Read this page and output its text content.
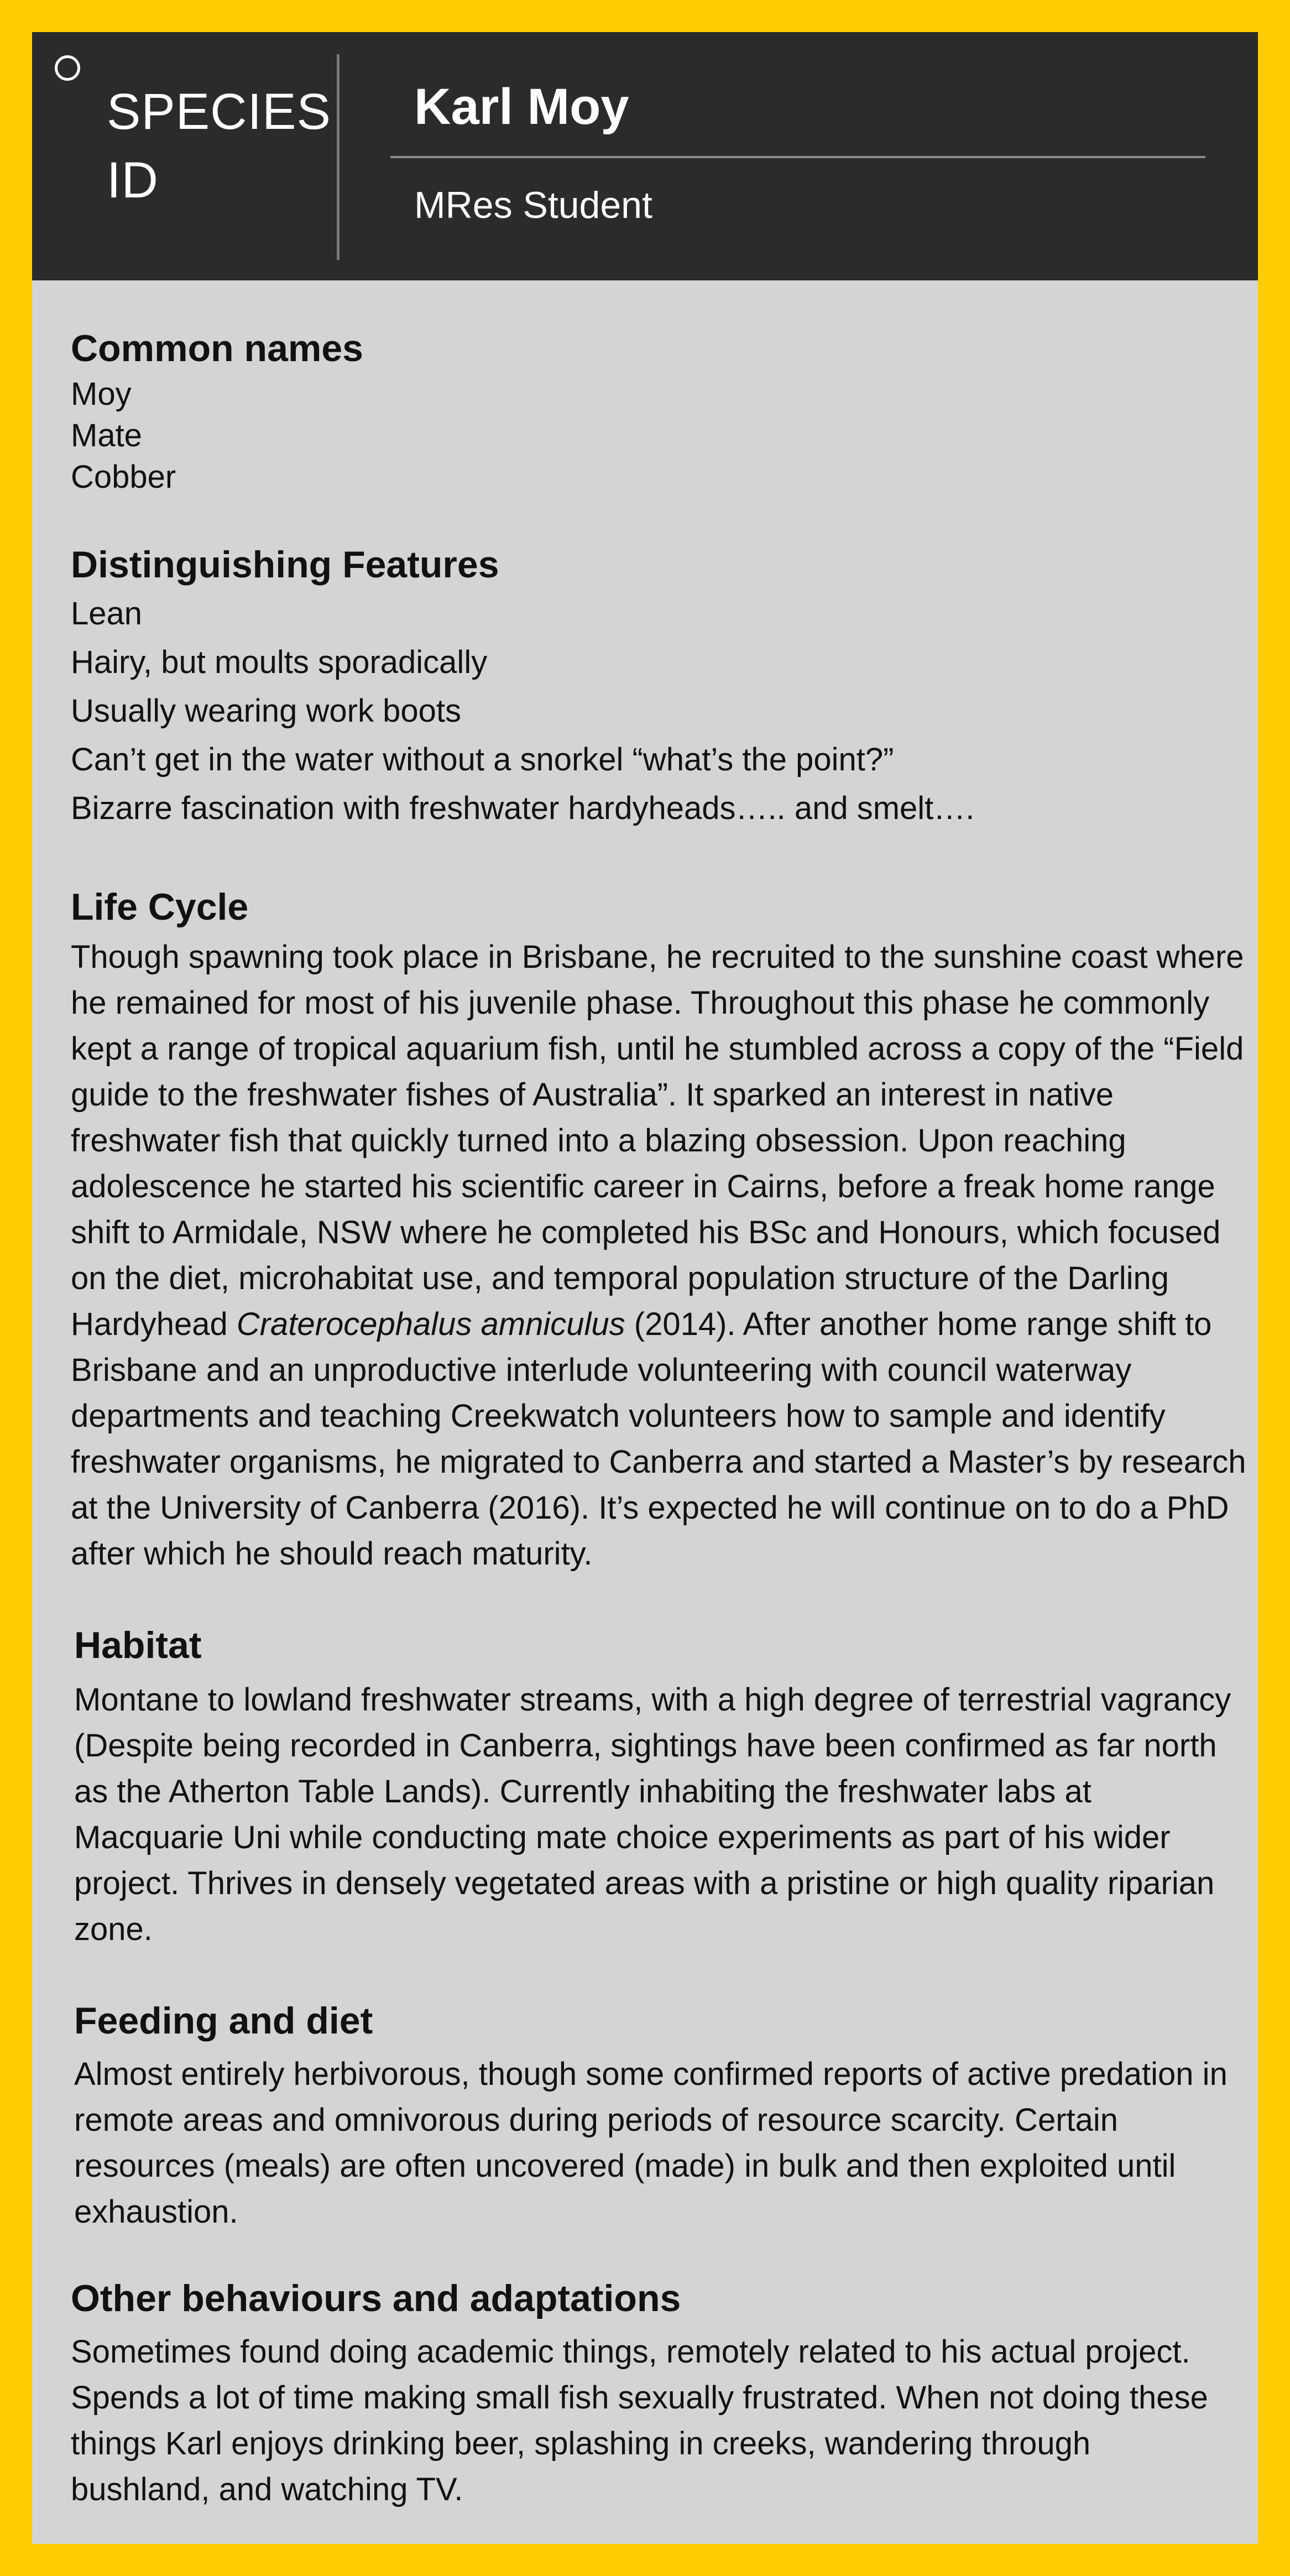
SPECIES ID
Karl Moy
MRes Student
Common names
Moy
Mate
Cobber
Distinguishing Features
Lean
Hairy, but moults sporadically
Usually wearing work boots
Can’t get in the water without a snorkel “what’s the point?”
Bizarre fascination with freshwater hardyheads….. and smelt….
Life Cycle

Though spawning took place in Brisbane, he recruited to the sunshine coast where he remained for most of his juvenile phase. Throughout this phase he commonly kept a range of tropical aquarium fish, until he stumbled across a copy of the “Field guide to the freshwater fishes of Australia”. It sparked an interest in native freshwater fish that quickly turned into a blazing obsession. Upon reaching adolescence he started his scientific career in Cairns, before a freak home range shift to Armidale, NSW where he completed his BSc and Honours, which focused on the diet, microhabitat use, and temporal population structure of the Darling Hardyhead Craterocephalus amniculus (2014). After another home range shift to Brisbane and an unproductive interlude volunteering with council waterway departments and teaching Creekwatch volunteers how to sample and identify freshwater organisms, he migrated to Canberra and started a Master’s by research at the University of Canberra (2016). It’s expected he will continue on to do a PhD after which he should reach maturity.

Habitat

Montane to lowland freshwater streams, with a high degree of terrestrial vagrancy (Despite being recorded in Canberra, sightings have been confirmed as far north as the Atherton Table Lands). Currently inhabiting the freshwater labs at Macquarie Uni while conducting mate choice experiments as part of his wider project. Thrives in densely vegetated areas with a pristine or high quality riparian zone.

Feeding and diet

Almost entirely herbivorous, though some confirmed reports of active predation in remote areas and omnivorous during periods of resource scarcity. Certain resources (meals) are often uncovered (made) in bulk and then exploited until exhaustion.

Other behaviours and adaptations

Sometimes found doing academic things, remotely related to his actual project. Spends a lot of time making small fish sexually frustrated. When not doing these things Karl enjoys drinking beer, splashing in creeks, wandering through bushland, and watching TV.
